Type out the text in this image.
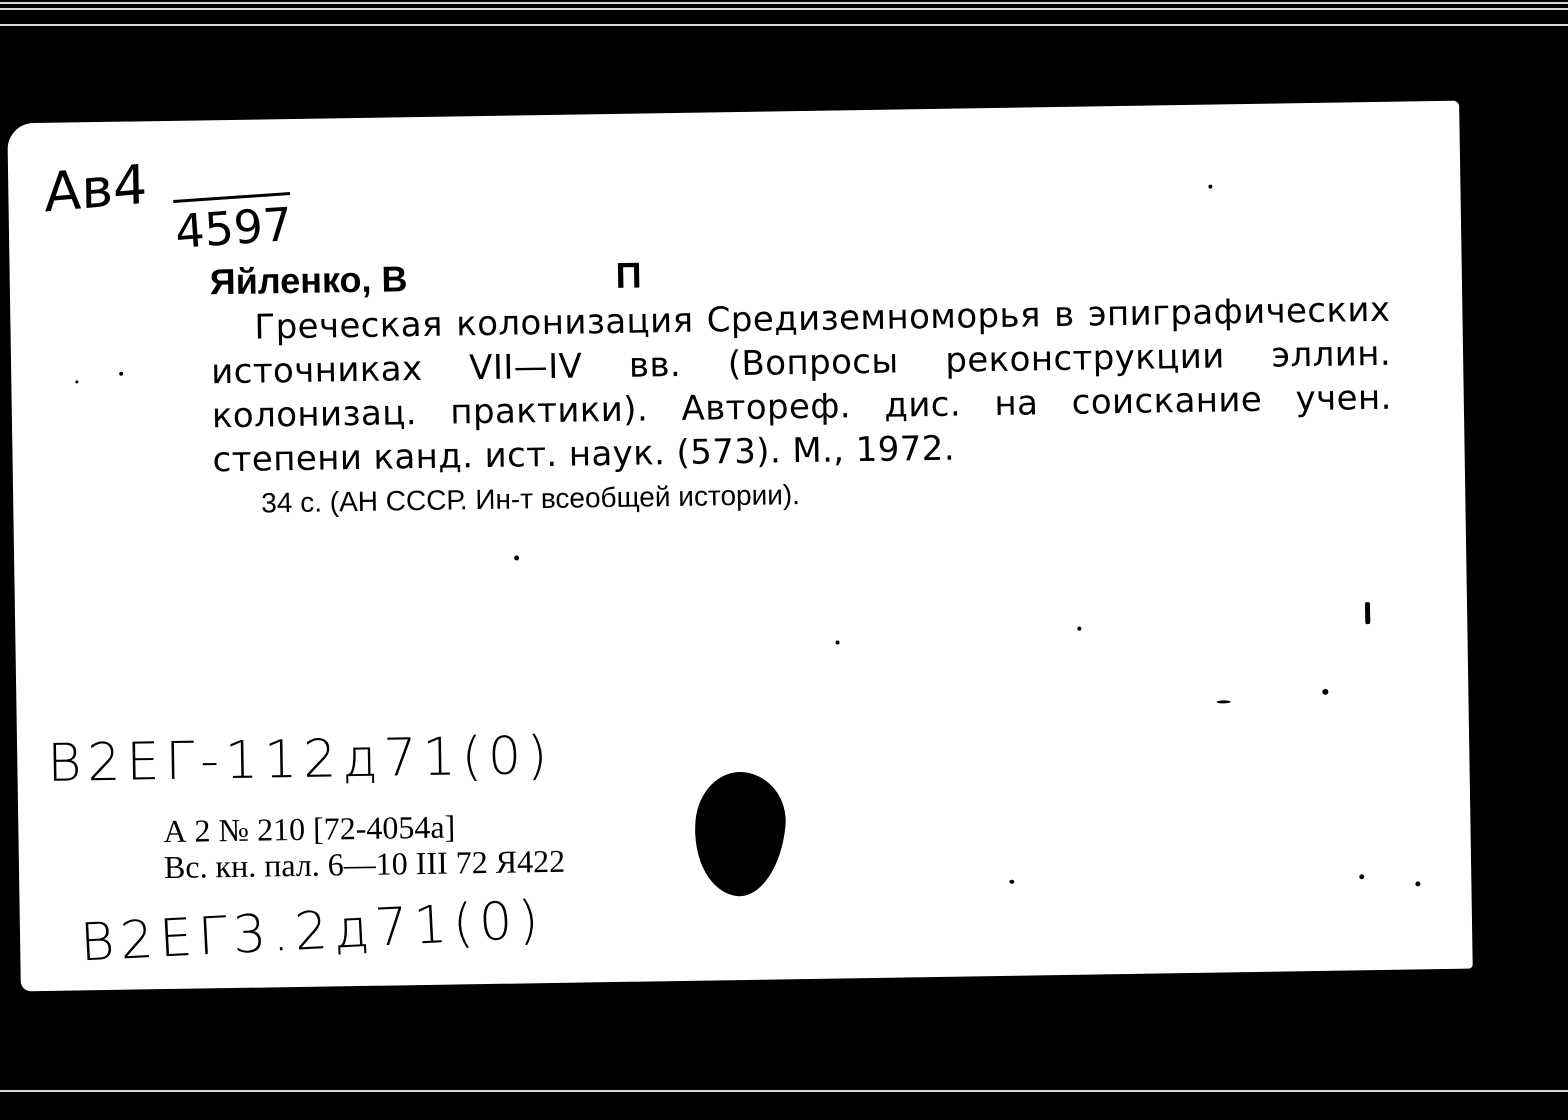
Ав4
4597
Яйленко, В	П
Греческая колонизация Средиземноморья в эпиграфических источниках VII—IV вв. (Вопросы реконструкции эллин. колонизац. практики). Автореф. дис. на соискание учен. степени канд. ист. наук. (573). М., 1972.
34 с. (АН СССР. Ин-т всеобщей истории).
В2ЕГ-112д71(0)
А 2 № 210 [72-4054а]
Вс. кн. пал. 6—10 III 72 Я422
В2ЕГ3.2д71(0)
